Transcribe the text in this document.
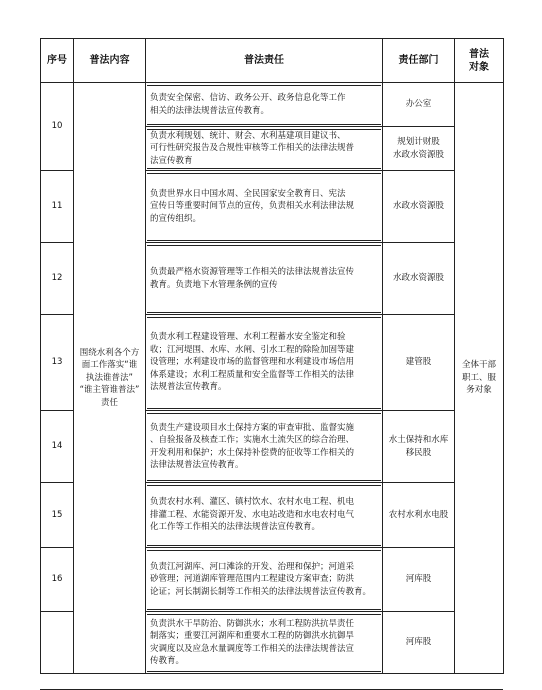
序号	普法内容	普法责任	责任部门	普法
对象

10	围绕水利各个方
面工作落实“谁
执法谁普法”
“谁主管谁普法”
责任	负责安全保密、信访、政务公开、政务信息化等工作
相关的法律法规普法宣传教育。	办公室	全体干部
职工、服
务对象

		负责水利规划、统计、财会、水利基建项目建议书、
可行性研究报告及合规性审核等工作相关的法律法规普
法宣传教育	规划计财股
水政水资源股	

11		负责世界水日中国水周、全民国家安全教育日、宪法
宣传日等重要时间节点的宣传，负责相关水利法律法规
的宣传组织。	水政水资源股	

12		负责最严格水资源管理等工作相关的法律法规普法宣传
教育。负责地下水管理条例的宣传	水政水资源股	

13		负责水利工程建设管理、水利工程蓄水安全鉴定和验
收；江河堤围、水库、水闸、引水工程的除险加固等建
设管理；水利建设市场的监督管理和水利建设市场信用
体系建设；水利工程质量和安全监督等工作相关的法律
法规普法宣传教育。	建管股	

14		负责生产建设项目水土保持方案的审查审批、监督实施
、自验报备及核查工作；实施水土流失区的综合治理、
开发利用和保护；水土保持补偿费的征收等工作相关的
法律法规普法宣传教育。	水土保持和水库
移民股	

15		负责农村水利、灌区、镇村饮水、农村水电工程、机电
排灌工程、水能资源开发、水电站改造和水电农村电气
化工作等工作相关的法律法规普法宣传教育。	农村水利水电股	

16		负责江河湖库、河口滩涂的开发、治理和保护；河道采
砂管理；河道湖库管理范围内工程建设方案审查；防洪
论证；河长制湖长制等工作相关的法律法规普法宣传教育。	河库股	

		负责洪水干旱防治、防御洪水；水利工程防洪抗旱责任
制落实；重要江河湖库和重要水工程的防御洪水抗御旱
灾调度以及应急水量调度等工作相关的法律法规普法宣
传教育。	河库股	
